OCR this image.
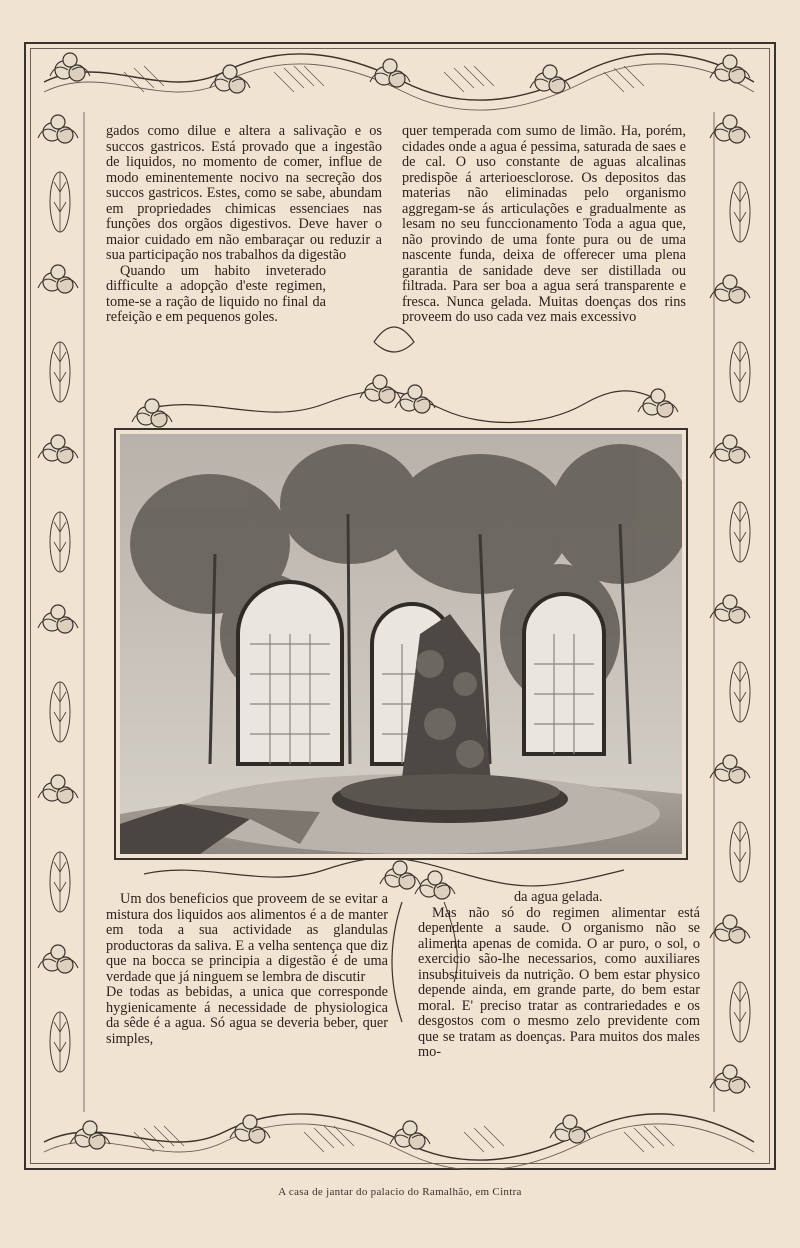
gados como dilue e altera a salivação e os succos gastricos. Está provado que a ingestão de liquidos, no momento de comer, influe de modo eminentemente nocivo na secreção dos succos gastricos. Estes, como se sabe, abundam em propriedades chimicas essenciaes nas funções dos orgãos digestivos. Deve haver o maior cuidado em não embaraçar ou reduzir a sua participação nos trabalhos da digestão

Quando um habito inveterado difficulte a adopção d'este regimen, tome-se a ração de liquido no final da refeição e em pequenos goles.

quer temperada com sumo de limão. Ha, porém, cidades onde a agua é pessima, saturada de saes e de cal. O uso constante de aguas alcalinas predispõe á arterioesclorose. Os depositos das materias não eliminadas pelo organismo aggregam-se ás articulações e gradualmente as lesam no seu funccionamento Toda a agua que, não provindo de uma fonte pura ou de uma nascente funda, deixa de offerecer uma plena garantia de sanidade deve ser distillada ou filtrada. Para ser boa a agua será transparente e fresca. Nunca gelada. Muitas doenças dos rins proveem do uso cada vez mais excessivo

Um dos beneficios que proveem de se evitar a mistura dos liquidos aos alimentos é a de manter em toda a sua actividade as glandulas productoras da saliva. E a velha sentença que diz que na bocca se principia a digestão é de uma verdade que já ninguem se lembra de discutir

De todas as bebidas, a unica que corresponde hygienicamente á necessidade de physiologica da sêde é a agua. Só agua se deveria beber, quer simples,

da agua gelada.

Mas não só do regimen alimentar está dependente a saude. O organismo não se alimenta apenas de comida. O ar puro, o sol, o exercicio são-lhe necessarios, como auxiliares insubstituiveis da nutrição. O bem estar physico depende ainda, em grande parte, do bem estar moral. E' preciso tratar as contrariedades e os desgostos com o mesmo zelo previdente com que se tratam as doenças. Para muitos dos males mo-

A casa de jantar do palacio do Ramalhão, em Cintra
